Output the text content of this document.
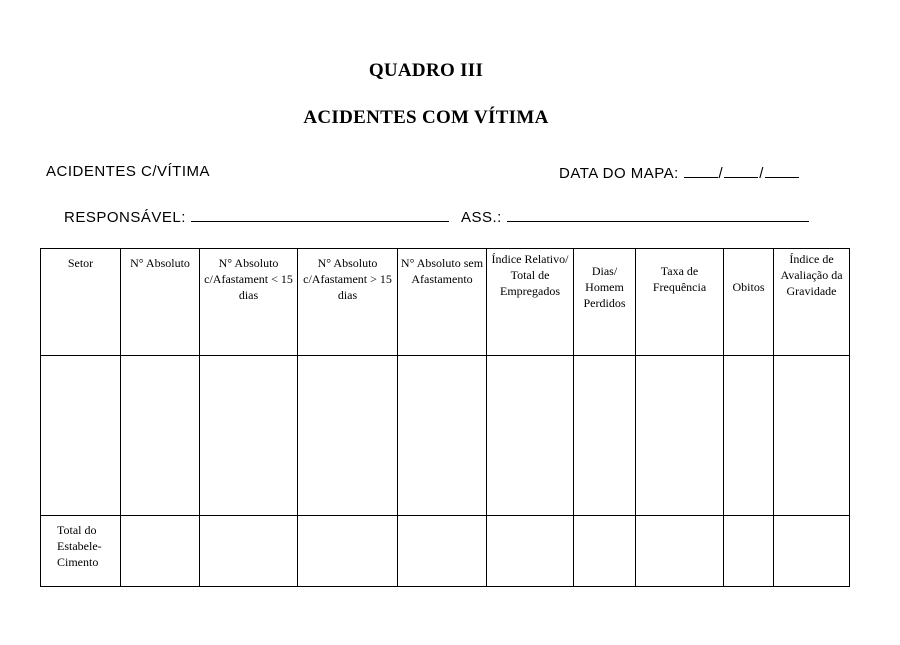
QUADRO III
ACIDENTES COM VÍTIMA
ACIDENTES C/VÍTIMA	DATA DO MAPA:	/ /
RESPONSÁVEL:	ASS.:
Setor	N° Absoluto	N° Absoluto c/Afastament < 15 dias	N° Absoluto c/Afastament > 15 dias	N° Absoluto sem Afastamento	Índice Relativo/ Total de Empregados	Dias/ Homem Perdidos	Taxa de Frequência	Obitos	Índice de Avaliação da Gravidade

Total do Estabele- Cimento									
